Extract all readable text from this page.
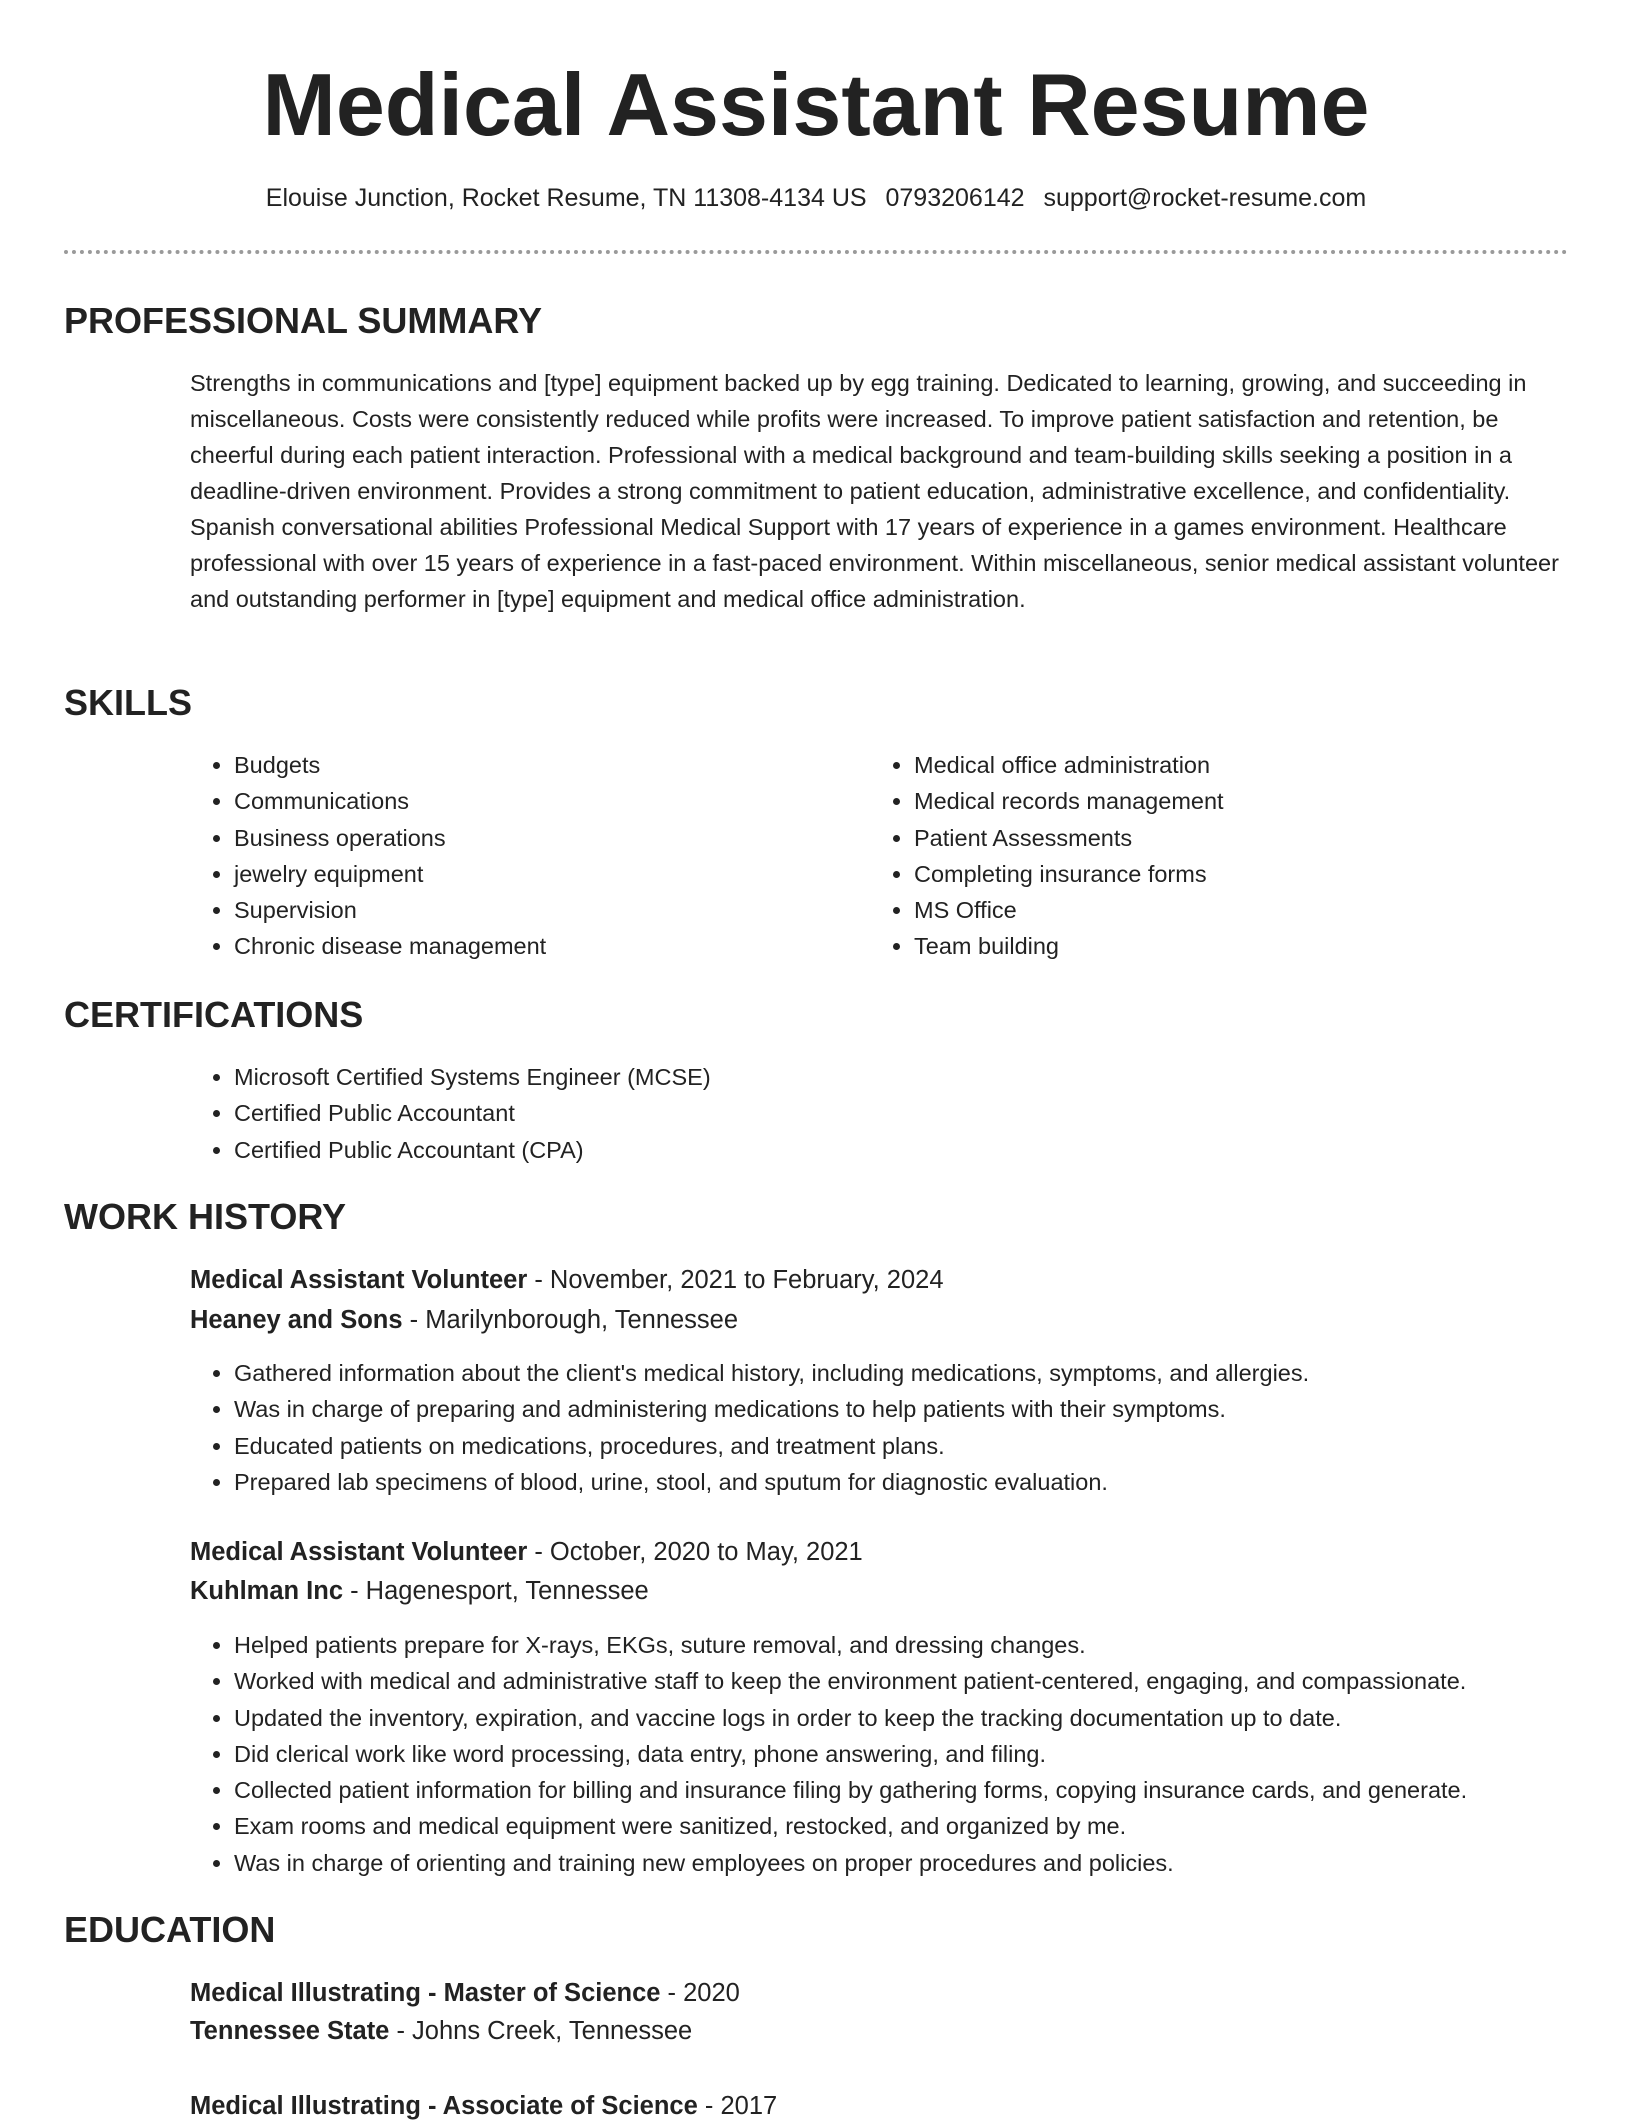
Medical Assistant Resume
Elouise Junction, Rocket Resume, TN 11308-4134 US 0793206142 support@rocket-resume.com
PROFESSIONAL SUMMARY

Strengths in communications and [type] equipment backed up by egg training. Dedicated to learning, growing, and succeeding in miscellaneous. Costs were consistently reduced while profits were increased. To improve patient satisfaction and retention, be cheerful during each patient interaction. Professional with a medical background and team-building skills seeking a position in a deadline-driven environment. Provides a strong commitment to patient education, administrative excellence, and confidentiality. Spanish conversational abilities Professional Medical Support with 17 years of experience in a games environment. Healthcare professional with over 15 years of experience in a fast-paced environment. Within miscellaneous, senior medical assistant volunteer and outstanding performer in [type] equipment and medical office administration.

SKILLS
• Budgets
• Communications
• Business operations
• jewelry equipment
• Supervision
• Chronic disease management
• Medical office administration
• Medical records management
• Patient Assessments
• Completing insurance forms
• MS Office
• Team building
CERTIFICATIONS
• Microsoft Certified Systems Engineer (MCSE)
• Certified Public Accountant
• Certified Public Accountant (CPA)
WORK HISTORY
Medical Assistant Volunteer - November, 2021 to February, 2024
Heaney and Sons - Marilynborough, Tennessee
• Gathered information about the client's medical history, including medications, symptoms, and allergies.
• Was in charge of preparing and administering medications to help patients with their symptoms.
• Educated patients on medications, procedures, and treatment plans.
• Prepared lab specimens of blood, urine, stool, and sputum for diagnostic evaluation.
Medical Assistant Volunteer - October, 2020 to May, 2021
Kuhlman Inc - Hagenesport, Tennessee
• Helped patients prepare for X-rays, EKGs, suture removal, and dressing changes.
• Worked with medical and administrative staff to keep the environment patient-centered, engaging, and compassionate.
• Updated the inventory, expiration, and vaccine logs in order to keep the tracking documentation up to date.
• Did clerical work like word processing, data entry, phone answering, and filing.
• Collected patient information for billing and insurance filing by gathering forms, copying insurance cards, and generate.
• Exam rooms and medical equipment were sanitized, restocked, and organized by me.
• Was in charge of orienting and training new employees on proper procedures and policies.
EDUCATION
Medical Illustrating - Master of Science - 2020
Tennessee State - Johns Creek, Tennessee
Medical Illustrating - Associate of Science - 2017
